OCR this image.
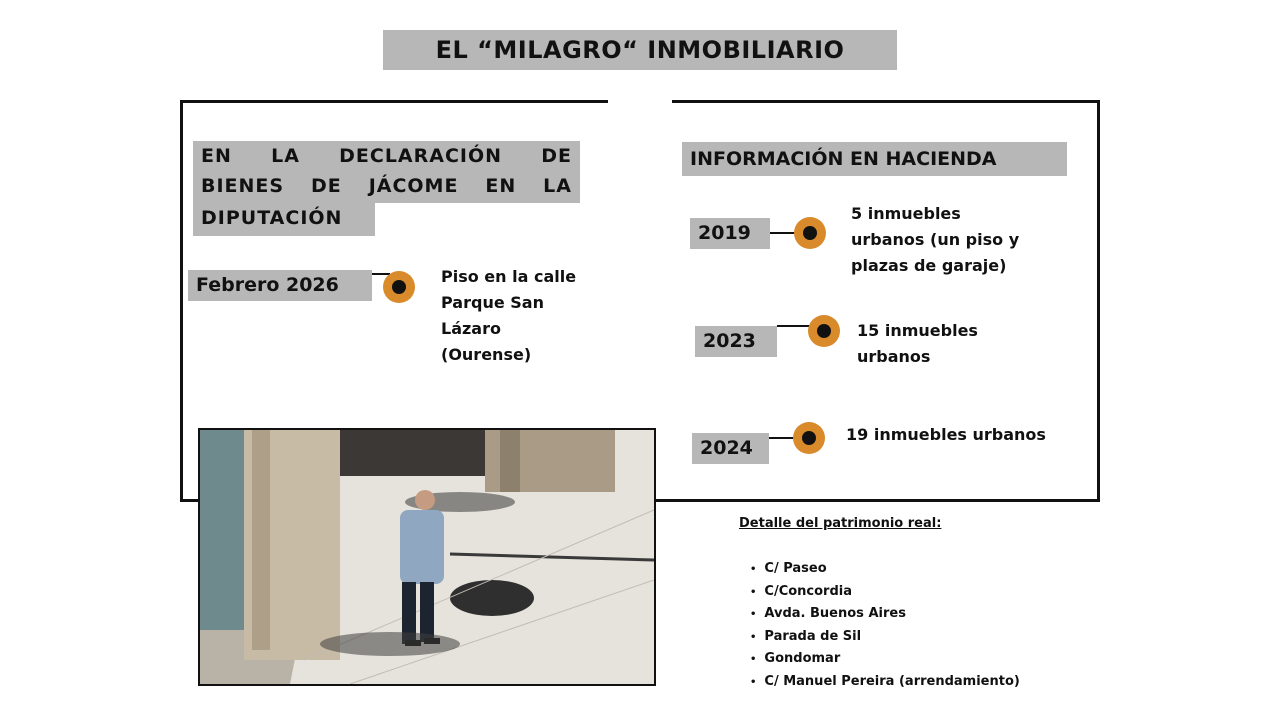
EL “MILAGRO“ INMOBILIARIO
EN LA DECLARACIÓN DE
BIENES DE JÁCOME EN LA
DIPUTACIÓN
Febrero 2026	Piso en la calle
Parque San
Lázaro
(Ourense)
INFORMACIÓN EN HACIENDA
2019
5 inmuebles
urbanos (un piso y
plazas de garaje)
2023	15 inmuebles
urbanos
2024
19 inmuebles urbanos

Detalle del patrimonio real:

• C/ Paseo
• C/Concordia
• Avda. Buenos Aires
• Parada de Sil
• Gondomar
• C/ Manuel Pereira (arrendamiento)
